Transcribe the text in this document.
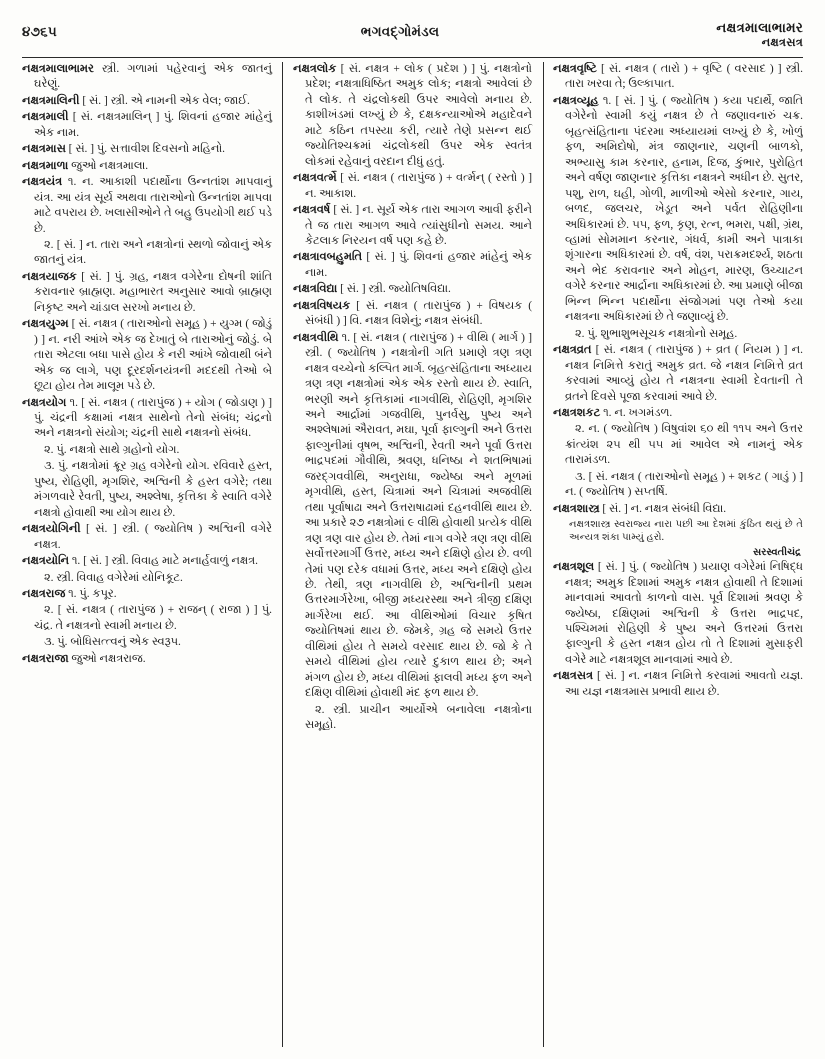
૪૭૬૫	ભગવદ્ગોમંડલ	નક્ષત્રમાલાભામર
નક્ષત્રસત્ર

નક્ષત્રમાલાભામર સ્ત્રી. ગળામાં પહેરવાનું એક જાતનું ઘરેણું.

નક્ષત્રમાલિની [ સં. ] સ્ત્રી. એ નામની એક વેલ; જાઈ.

નક્ષત્રમાલી [ સં. નક્ષત્રમાલિન્ ] પું. શિવનાં હજાર માંહેનું એક નામ.

નક્ષત્રમાસ [ સં. ] પું. સત્તાવીશ દિવસનો મહિનો.

નક્ષત્રમાળા જુઓ નક્ષત્રમાલા.

નક્ષત્રયંત્ર ૧. ન. આકાશી પદાર્થોના ઉન્નતાંશ માપવાનું યંત્ર. આ યંત્ર સૂર્ય અથવા તારાઓનો ઉન્નતાંશ માપવા માટે વપરાય છે. ખલાસીઓને તે બહુ ઉપયોગી થઈ પડે છે.

૨. [ સં. ] ન. તારા અને નક્ષત્રોનાં સ્થળો જોવાનું એક જાતનું યંત્ર.

નક્ષત્રયાજક [ સં. ] પું. ગ્રહ, નક્ષત્ર વગેરેના દોષની શાંતિ કરાવનાર બ્રાહ્મણ. મહાભારત અનુસાર આવો બ્રાહ્મણ નિકૃષ્ટ અને ચાંડાલ સરખો મનાય છે.

નક્ષત્રયુગ્મ [ સં. નક્ષત્ર ( તારાઓનો સમૂહ ) + યુગ્મ ( જોડું ) ] ન. નરી આંખે એક જ દેખાતું બે તારાઓનું જોડું. બે તારા એટલા બધા પાસે હોય કે નરી આંખે જોવાથી બંને એક જ લાગે, પણ દૂરદર્શનયંત્રની મદદથી તેઓ બે છૂટા હોય તેમ માલૂમ પડે છે.

નક્ષત્રયોગ ૧. [ સં. નક્ષત્ર ( તારાપુંજ ) + યોગ ( જોડાણ ) ] પું. ચંદ્રની કક્ષામાં નક્ષત્ર સાથેનો તેનો સંબંધ; ચંદ્રનો અને નક્ષત્રનો સંયોગ; ચંદ્રની સાથે નક્ષત્રનો સંબંધ.

૨. પું. નક્ષત્રો સાથે ગ્રહોનો યોગ.

૩. પું. નક્ષત્રોમાં ક્રૂર ગ્રહ વગેરેનો યોગ. રવિવારે હસ્ત, પુષ્ય, રોહિણી, મૃગશિર, અશ્વિની કે હસ્ત વગેરે; તથા મંગળવારે રેવતી, પુષ્ય, અશ્લેષા, કૃત્તિકા કે સ્વાતિ વગેરે નક્ષત્રો હોવાથી આ યોગ થાય છે.

નક્ષત્રયોગિની [ સં. ] સ્ત્રી. ( જ્યોતિષ ) અશ્વિની વગેરે નક્ષત્ર.

નક્ષત્રયોનિ ૧. [ સં. ] સ્ત્રી. વિવાહ માટે મનાર્હવાળું નક્ષત્ર.

૨. સ્ત્રી. વિવાહ વગેરેમાં યોનિકૂટ.

નક્ષત્રરાજ ૧. પું. કપૂર.

૨. [ સં. નક્ષત્ર ( તારાપુંજ ) + રાજન્ ( રાજા ) ] પું. ચંદ્ર. તે નક્ષત્રનો સ્વામી મનાય છે.

૩. પું. બોધિસત્ત્વનું એક સ્વરૂપ.

નક્ષત્રરાજા જુઓ નક્ષત્રરાજ.

નક્ષત્રલોક [ સં. નક્ષત્ર + લોક ( પ્રદેશ ) ] પું. નક્ષત્રોનો પ્રદેશ; નક્ષત્રાધિષ્ઠિત અમુક લોક; નક્ષત્રો આવેલાં છે તે લોક. તે ચંદ્રલોકથી ઉપર આવેલો મનાય છે. કાશીખંડમાં લખ્યું છે કે, દક્ષકન્યાઓએ મહાદેવને માટે કઠિન તપસ્યા કરી, ત્યારે તેણે પ્રસન્ન થઈ જ્યોતિશ્ચક્રમાં ચંદ્રલોકથી ઉપર એક સ્વતંત્ર લોકમાં રહેવાનું વરદાન દીધું હતું.

નક્ષત્રવર્ત્મે [ સં. નક્ષત્ર ( તારાપુંજ ) + વર્ત્મન્ ( રસ્તો ) ] ન. આકાશ.

નક્ષત્રવર્ષ [ સં. ] ન. સૂર્ય એક તારા આગળ આવી ફરીને તે જ તારા આગળ આવે ત્યાંસુધીનો સમય. આને કેટલાક નિરયન વર્ષ પણ કહે છે.

નક્ષત્રાવબહુમતિ [ સં. ] પું. શિવનાં હજાર માંહેનું એક નામ.

નક્ષત્રવિદ્યા [ સં. ] સ્ત્રી. જ્યોતિષવિદ્યા.

નક્ષત્રવિષયક [ સં. નક્ષત્ર ( તારાપુંજ ) + વિષયક ( સંબંધી ) ] વિ. નક્ષત્ર વિશેનું; નક્ષત્ર સંબંધી.

નક્ષત્રવીથિ ૧. [ સં. નક્ષત્ર ( તારાપુંજ ) + વીથિ ( માર્ગ ) ] સ્ત્રી. ( જ્યોતિષ ) નક્ષત્રોની ગતિ પ્રમાણે ત્રણ ત્રણ નક્ષત્ર વચ્ચેનો કલ્પિત માર્ગ. બૃહત્સંહિતાના અધ્યાય ત્રણ ત્રણ નક્ષત્રોમાં એક એક રસ્તો થાય છે. સ્વાતિ, ભરણી અને કૃત્તિકામાં નાગવીથિ, રોહિણી, મૃગશિર અને આર્દ્રામાં ગજવીથિ, પુનર્વસુ, પુષ્ય અને અશ્લેષામાં ઐરાવત, મઘા, પૂર્વા ફાલ્ગુની અને ઉત્તરા ફાલ્ગુનીમાં વૃષભ, અશ્વિની, રેવતી અને પૂર્વા ઉત્તરા ભાદ્રપદમાં ગૌવીથિ, શ્રવણ, ધનિષ્ઠા ને શતભિષામાં જરદ્ગવવીથિ, અનુરાધા, જ્યેષ્ઠા અને મૂળમાં મૃગવીથિ, હસ્ત, ચિત્રામાં અને ચિત્રામાં અજવીથિ તથા પૂર્વાષાઢા અને ઉત્તરાષાઢામાં દહનવીથિ થાય છે. આ પ્રકારે ૨૭ નક્ષત્રોમાં ૯ વીથિ હોવાથી પ્રત્યેક વીથિ ત્રણ ત્રણ વાર હોય છે. તેમાં નાગ વગેરે ત્રણ ત્રણ વીથિ સર્વોત્તરમાર્ગી ઉત્તર, મધ્ય અને દક્ષિણે હોય છે. વળી તેમાં પણ દરેક વધામાં ઉત્તર, મધ્ય અને દક્ષિણે હોય છે. તેથી, ત્રણ નાગવીથિ છે, અશ્વિનીની પ્રથમ ઉત્તરમાર્ગરેખા, બીજી મધ્યરસ્થા અને ત્રીજી દક્ષિણ માર્ગરેખા થઈ. આ વીથિઓમાં વિચાર કૃષિત જ્યોતિષમાં થાય છે. જેમકે, ગ્રહ જે સમયે ઉત્તર વીથિમાં હોય તે સમયે વરસાદ થાય છે. જો કે તે સમયે વીથિમાં હોય ત્યારે દુકાળ થાય છે; અને મંગળ હોય છે, મધ્ય વીથિમાં ફાલવી મધ્ય ફળ અને દક્ષિણ વીથિમાં હોવાથી મંદ ફળ થાય છે.

૨. સ્ત્રી. પ્રાચીન આર્યોએ બનાવેલા નક્ષત્રોના સમૂહો.

નક્ષત્રવૃષ્ટિ [ સં. નક્ષત્ર ( તારો ) + વૃષ્ટિ ( વરસાદ ) ] સ્ત્રી. તારા ખરવા તે; ઉલ્કાપાત.

નક્ષત્રવ્યૂહ ૧. [ સં. ] પું. ( જ્યોતિષ ) કયા પદાર્થે, જાતિ વગેરેનો સ્વામી કયું નક્ષત્ર છે તે જણાવનારું ચક્ર. બૃહત્સંહિતાના પંદરમા અધ્યાયમાં લખ્યું છે કે, ખોળું ફળ, અમિદોષો, મંત્ર જાણનાર, ચણની બાળકો, અભ્યાસુ કામ કરનાર, હનામ, દિજ, કુંભાર, પુરોહિત અને વર્ષણ જાણનાર કૃત્તિકા નક્ષત્રને અધીન છે. સુતર, પશુ, રાળ, ઘહી, ગોળી, માળીઓ એસો કરનાર, ગાય, બળદ, જલચર, ખેડૂત અને પર્વત રોહિણીના અધિકારમાં છે. ૫૫, ફળ, કૃણ, રત્ન, ભમરા, પક્ષી, ગ્રંથ, વ્હામાં સોમમાન કરનાર, ગંધર્વ, કામી અને પાત્રાકા શૃંગારના અધિકારમાં છે. વર્ષ, વંશ, પરાક્રમદર્શ્ય, શઠતા અને ભેદ કરાવનાર અને મોહન, મારણ, ઉચ્ચાટન વગેરે કરનાર આર્દ્રાના અધિકારમાં છે. આ પ્રમાણે બીજા ભિન્ન ભિન્ન પદાર્થોના સંજોગમાં પણ તેઓ કયા નક્ષત્રના અધિકારમાં છે તે જણાવ્યું છે.

૨. પું. શુભાશુભસૂચક નક્ષત્રોનો સમૂહ.

નક્ષત્રવ્રત [ સં. નક્ષત્ર ( તારાપુંજ ) + વ્રત ( નિયમ ) ] ન. નક્ષત્ર નિમિત્તે કરાતું અમુક વ્રત. જે નક્ષત્ર નિમિત્તે વ્રત કરવામાં આવ્યું હોય તે નક્ષત્રના સ્વામી દેવતાની તે વ્રતને દિવસે પૂજા કરવામાં આવે છે.

નક્ષત્રશકટ ૧. ન. ખગમંડળ.

૨. ન. ( જ્યોતિષ ) વિષુવાંશ ૬૦ થી ૧૧૫ અને ઉત્તર ક્રાંત્યંશ ૨૫ થી ૫૫ માં આવેલ એ નામનું એક તારામંડળ.

૩. [ સં. નક્ષત્ર ( તારાઓનો સમૂહ ) + શકટ ( ગાડું ) ] ન. ( જ્યોતિષ ) સપ્તર્ષિ.

નક્ષત્રશાસ્ત્ર [ સં. ] ન. નક્ષત્ર સંબંધી વિદ્યા.

નક્ષત્રશાસ્ત્ર સ્વરાજ્ય નારા પછી આ દેશમાં કુંઠિત થયું છે તે અન્યત્ર શંકા પામ્યું હરો.

સરસ્વતીચંદ્ર

નક્ષત્રશૂલ [ સં. ] પું. ( જ્યોતિષ ) પ્રયાણ વગેરેમાં નિષિદ્ધ નક્ષત્ર; અમુક દિશામાં અમુક નક્ષત્ર હોવાથી તે દિશામાં માનવામાં આવતો કાળનો વાસ. પૂર્વ દિશામાં શ્રવણ કે જ્યેષ્ઠા, દક્ષિણમાં અશ્વિની કે ઉત્તરા ભાદ્રપદ, પશ્ચિમમાં રોહિણી કે પુષ્ય અને ઉત્તરમાં ઉત્તરા ફાલ્ગુની કે હસ્ત નક્ષત્ર હોય તો તે દિશામાં મુસાફરી વગેરે માટે નક્ષત્રશૂલ માનવામાં આવે છે.

નક્ષત્રસત્ર [ સં. ] ન. નક્ષત્ર નિમિત્તે કરવામાં આવતો યજ્ઞ. આ યજ્ઞ નક્ષત્રમાસ પ્રભાવી થાય છે.
